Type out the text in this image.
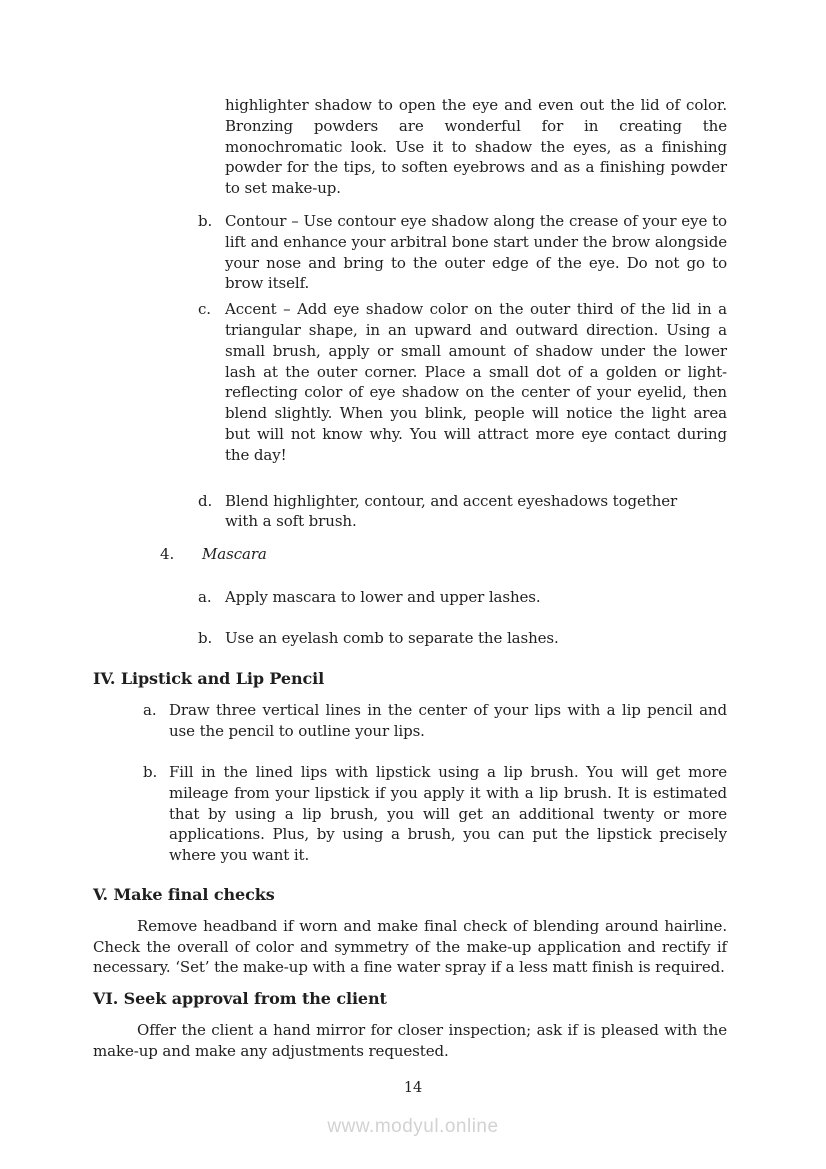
highlighter shadow to open the eye and even out the lid of color. Bronzing powders are wonderful for in creating the monochromatic look. Use it to shadow the eyes, as a finishing powder for the tips, to soften eyebrows and as a finishing powder to set make-up.

b. Contour – Use contour eye shadow along the crease of your eye to lift and enhance your arbitral bone start under the brow alongside your nose and bring to the outer edge of the eye. Do not go to brow itself.
c. Accent – Add eye shadow color on the outer third of the lid in a triangular shape, in an upward and outward direction. Using a small brush, apply or small amount of shadow under the lower lash at the outer corner. Place a small dot of a golden or light-reflecting color of eye shadow on the center of your eyelid, then blend slightly. When you blink, people will notice the light area but will not know why. You will attract more eye contact during the day!
d. Blend highlighter, contour, and accent eyeshadows together with a soft brush.
4. Mascara
a. Apply mascara to lower and upper lashes.
b. Use an eyelash comb to separate the lashes.

IV. Lipstick and Lip Pencil

a. Draw three vertical lines in the center of your lips with a lip pencil and use the pencil to outline your lips.
b. Fill in the lined lips with lipstick using a lip brush. You will get more mileage from your lipstick if you apply it with a lip brush. It is estimated that by using a lip brush, you will get an additional twenty or more applications. Plus, by using a brush, you can put the lipstick precisely where you want it.

V. Make final checks

Remove headband if worn and make final check of blending around hairline. Check the overall of color and symmetry of the make-up application and rectify if necessary. ‘Set’ the make-up with a fine water spray if a less matt finish is required.

VI. Seek approval from the client

Offer the client a hand mirror for closer inspection; ask if is pleased with the make-up and make any adjustments requested.

14
www.modyul.online
